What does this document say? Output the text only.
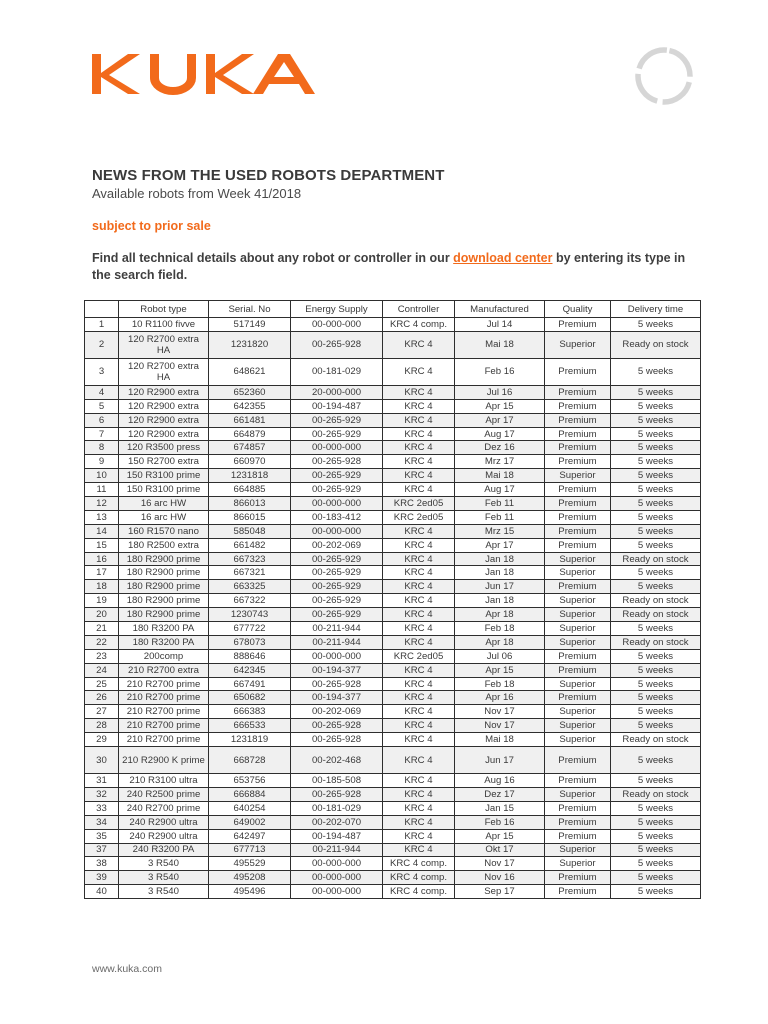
NEWS FROM THE USED ROBOTS DEPARTMENT
Available robots from Week 41/2018
subject to prior sale
Find all technical details about any robot or controller in our download center by entering its type in the search field.
	Robot type	Serial. No	Energy Supply	Controller	Manufactured	Quality	Delivery time
1	10 R1100 fivve	517149	00-000-000	KRC 4 comp.	Jul 14	Premium	5 weeks
2	120 R2700 extra HA	1231820	00-265-928	KRC 4	Mai 18	Superior	Ready on stock
3	120 R2700 extra HA	648621	00-181-029	KRC 4	Feb 16	Premium	5 weeks
4	120 R2900 extra	652360	20-000-000	KRC 4	Jul 16	Premium	5 weeks
5	120 R2900 extra	642355	00-194-487	KRC 4	Apr 15	Premium	5 weeks
6	120 R2900 extra	661481	00-265-929	KRC 4	Apr 17	Premium	5 weeks
7	120 R2900 extra	664879	00-265-929	KRC 4	Aug 17	Premium	5 weeks
8	120 R3500 press	674857	00-000-000	KRC 4	Dez 16	Premium	5 weeks
9	150 R2700 extra	660970	00-265-928	KRC 4	Mrz 17	Premium	5 weeks
10	150 R3100 prime	1231818	00-265-929	KRC 4	Mai 18	Superior	5 weeks
11	150 R3100 prime	664885	00-265-929	KRC 4	Aug 17	Premium	5 weeks
12	16 arc HW	866013	00-000-000	KRC 2ed05	Feb 11	Premium	5 weeks
13	16 arc HW	866015	00-183-412	KRC 2ed05	Feb 11	Premium	5 weeks
14	160 R1570 nano	585048	00-000-000	KRC 4	Mrz 15	Premium	5 weeks
15	180 R2500 extra	661482	00-202-069	KRC 4	Apr 17	Premium	5 weeks
16	180 R2900 prime	667323	00-265-929	KRC 4	Jan 18	Superior	Ready on stock
17	180 R2900 prime	667321	00-265-929	KRC 4	Jan 18	Superior	5 weeks
18	180 R2900 prime	663325	00-265-929	KRC 4	Jun 17	Premium	5 weeks
19	180 R2900 prime	667322	00-265-929	KRC 4	Jan 18	Superior	Ready on stock
20	180 R2900 prime	1230743	00-265-929	KRC 4	Apr 18	Superior	Ready on stock
21	180 R3200 PA	677722	00-211-944	KRC 4	Feb 18	Superior	5 weeks
22	180 R3200 PA	678073	00-211-944	KRC 4	Apr 18	Superior	Ready on stock
23	200comp	888646	00-000-000	KRC 2ed05	Jul 06	Premium	5 weeks
24	210 R2700 extra	642345	00-194-377	KRC 4	Apr 15	Premium	5 weeks
25	210 R2700 prime	667491	00-265-928	KRC 4	Feb 18	Superior	5 weeks
26	210 R2700 prime	650682	00-194-377	KRC 4	Apr 16	Premium	5 weeks
27	210 R2700 prime	666383	00-202-069	KRC 4	Nov 17	Superior	5 weeks
28	210 R2700 prime	666533	00-265-928	KRC 4	Nov 17	Superior	5 weeks
29	210 R2700 prime	1231819	00-265-928	KRC 4	Mai 18	Superior	Ready on stock
30	210 R2900 K prime	668728	00-202-468	KRC 4	Jun 17	Premium	5 weeks
31	210 R3100 ultra	653756	00-185-508	KRC 4	Aug 16	Premium	5 weeks
32	240 R2500 prime	666884	00-265-928	KRC 4	Dez 17	Superior	Ready on stock
33	240 R2700 prime	640254	00-181-029	KRC 4	Jan 15	Premium	5 weeks
34	240 R2900 ultra	649002	00-202-070	KRC 4	Feb 16	Premium	5 weeks
35	240 R2900 ultra	642497	00-194-487	KRC 4	Apr 15	Premium	5 weeks
37	240 R3200 PA	677713	00-211-944	KRC 4	Okt 17	Superior	5 weeks
38	3 R540	495529	00-000-000	KRC 4 comp.	Nov 17	Superior	5 weeks
39	3 R540	495208	00-000-000	KRC 4 comp.	Nov 16	Premium	5 weeks
40	3 R540	495496	00-000-000	KRC 4 comp.	Sep 17	Premium	5 weeks
www.kuka.com
